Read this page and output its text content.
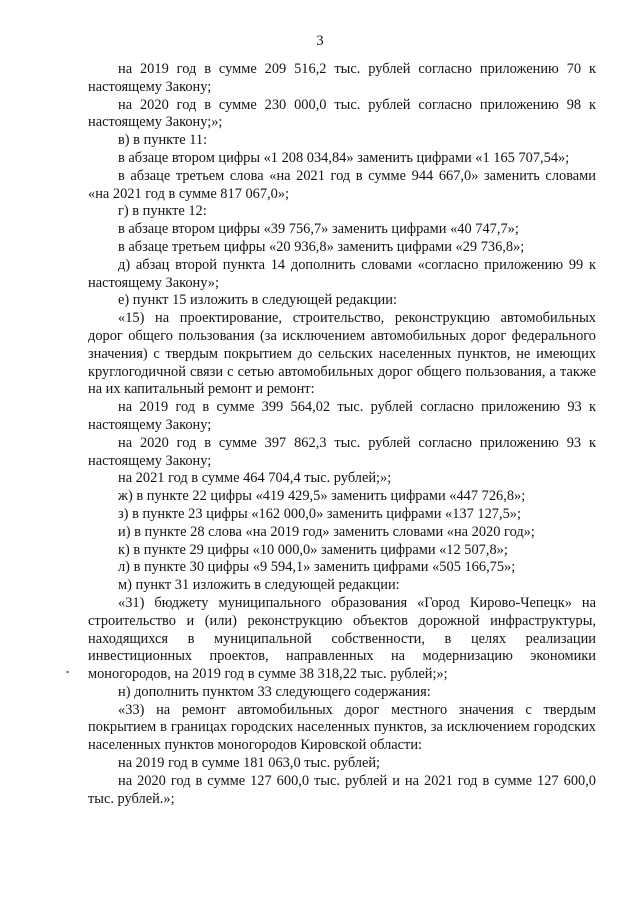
3

на 2019 год в сумме 209 516,2 тыс. рублей согласно приложению 70 к настоящему Закону;

на 2020 год в сумме 230 000,0 тыс. рублей согласно приложению 98 к настоящему Закону;»;

в) в пункте 11:

в абзаце втором цифры «1 208 034,84» заменить цифрами «1 165 707,54»;

в абзаце третьем слова «на 2021 год в сумме 944 667,0» заменить словами «на 2021 год в сумме 817 067,0»;

г) в пункте 12:

в абзаце втором цифры «39 756,7» заменить цифрами «40 747,7»;

в абзаце третьем цифры «20 936,8» заменить цифрами «29 736,8»;

д) абзац второй пункта 14 дополнить словами «согласно приложению 99 к настоящему Закону»;

е) пункт 15 изложить в следующей редакции:

«15) на проектирование, строительство, реконструкцию автомобильных дорог общего пользования (за исключением автомобильных дорог федерального значения) с твердым покрытием до сельских населенных пунктов, не имеющих круглогодичной связи с сетью автомобильных дорог общего пользования, а также на их капитальный ремонт и ремонт:

на 2019 год в сумме 399 564,02 тыс. рублей согласно приложению 93 к настоящему Закону;

на 2020 год в сумме 397 862,3 тыс. рублей согласно приложению 93 к настоящему Закону;

на 2021 год в сумме 464 704,4 тыс. рублей;»;

ж) в пункте 22 цифры «419 429,5» заменить цифрами «447 726,8»;

з) в пункте 23 цифры «162 000,0» заменить цифрами «137 127,5»;

и) в пункте 28 слова «на 2019 год» заменить словами «на 2020 год»;

к) в пункте 29 цифры «10 000,0» заменить цифрами «12 507,8»;

л) в пункте 30 цифры «9 594,1» заменить цифрами «505 166,75»;

м) пункт 31 изложить в следующей редакции:

«31) бюджету муниципального образования «Город Кирово-Чепецк» на строительство и (или) реконструкцию объектов дорожной инфраструктуры, находящихся в муниципальной собственности, в целях реализации инвестиционных проектов, направленных на модернизацию экономики моногородов, на 2019 год в сумме 38 318,22 тыс. рублей;»;

н) дополнить пунктом 33 следующего содержания:

«33) на ремонт автомобильных дорог местного значения с твердым покрытием в границах городских населенных пунктов, за исключением городских населенных пунктов моногородов Кировской области:

на 2019 год в сумме 181 063,0 тыс. рублей;

на 2020 год в сумме 127 600,0 тыс. рублей и на 2021 год в сумме 127 600,0 тыс. рублей.»;
